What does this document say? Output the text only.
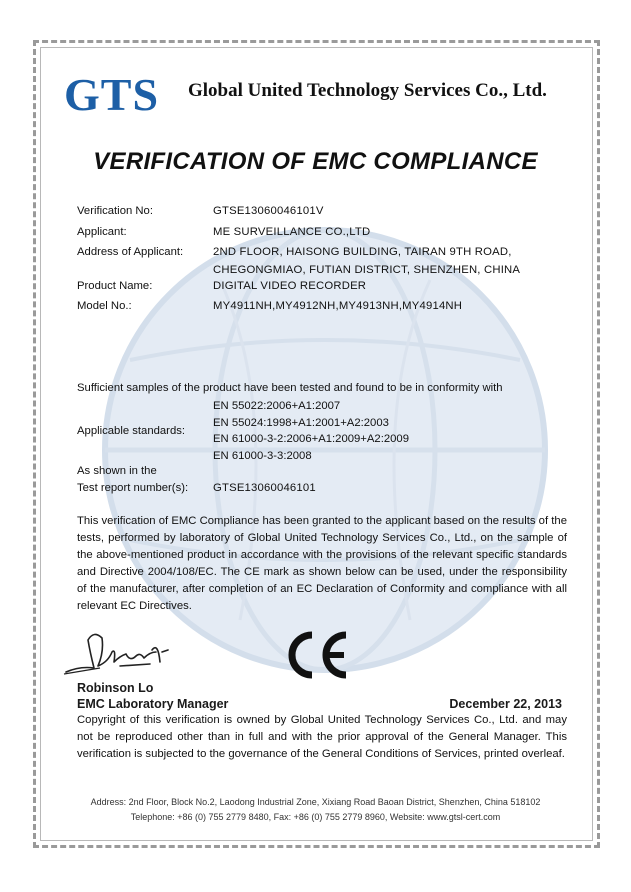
GTS Global United Technology Services Co., Ltd.
VERIFICATION OF EMC COMPLIANCE
Verification No:	GTSE13060046101V
Applicant:	ME SURVEILLANCE CO.,LTD
Address of Applicant:	2ND FLOOR, HAISONG BUILDING, TAIRAN 9TH ROAD,
CHEGONGMIAO, FUTIAN DISTRICT, SHENZHEN, CHINA
Product Name:	DIGITAL VIDEO RECORDER
Model No.:	MY4911NH,MY4912NH,MY4913NH,MY4914NH
Sufficient samples of the product have been tested and found to be in conformity with
EN 55022:2006+A1:2007
EN 55024:1998+A1:2001+A2:2003
Applicable standards:
EN 61000-3-2:2006+A1:2009+A2:2009
EN 61000-3-3:2008
As shown in the
Test report number(s): GTSE13060046101
This verification of EMC Compliance has been granted to the applicant based on the results of the tests, performed by laboratory of Global United Technology Services Co., Ltd., on the sample of the above-mentioned product in accordance with the provisions of the relevant specific standards and Directive 2004/108/EC. The CE mark as shown below can be used, under the responsibility of the manufacturer, after completion of an EC Declaration of Conformity and compliance with all relevant EC Directives.
Robinson Lo
EMC Laboratory Manager	December 22, 2013
Copyright of this verification is owned by Global United Technology Services Co., Ltd. and may not be reproduced other than in full and with the prior approval of the General Manager. This verification is subjected to the governance of the General Conditions of Services, printed overleaf.
Address: 2nd Floor, Block No.2, Laodong Industrial Zone, Xixiang Road Baoan District, Shenzhen, China 518102
Telephone: +86 (0) 755 2779 8480, Fax: +86 (0) 755 2779 8960, Website: www.gtsl-cert.com
